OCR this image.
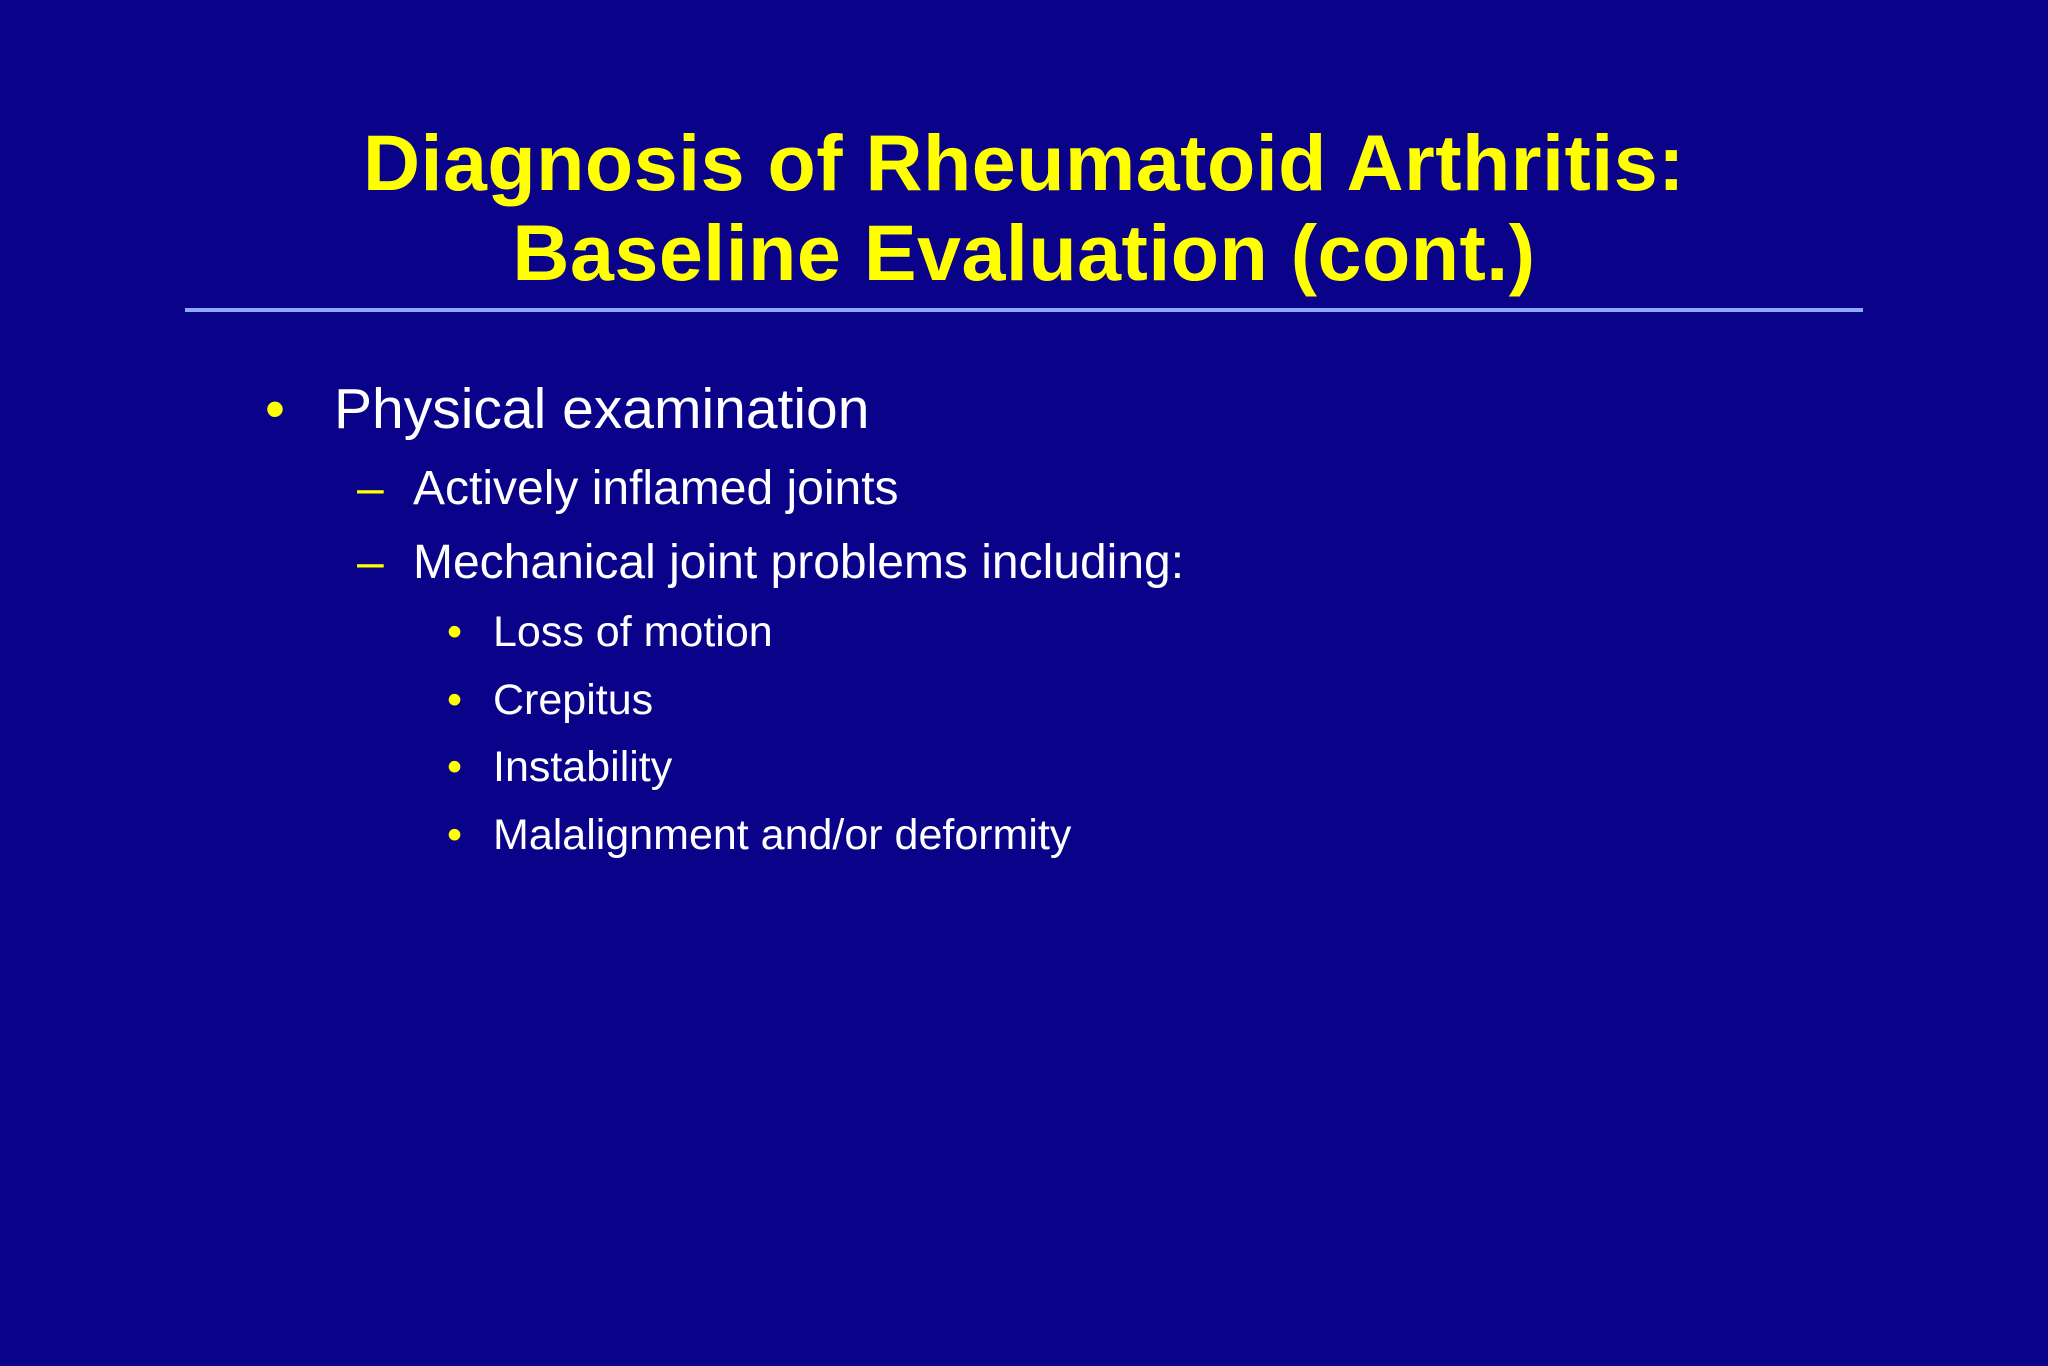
Diagnosis of Rheumatoid Arthritis:
Baseline Evaluation (cont.)
• Physical examination
– Actively inflamed joints
– Mechanical joint problems including:
• Loss of motion
• Crepitus
• Instability
• Malalignment and/or deformity
